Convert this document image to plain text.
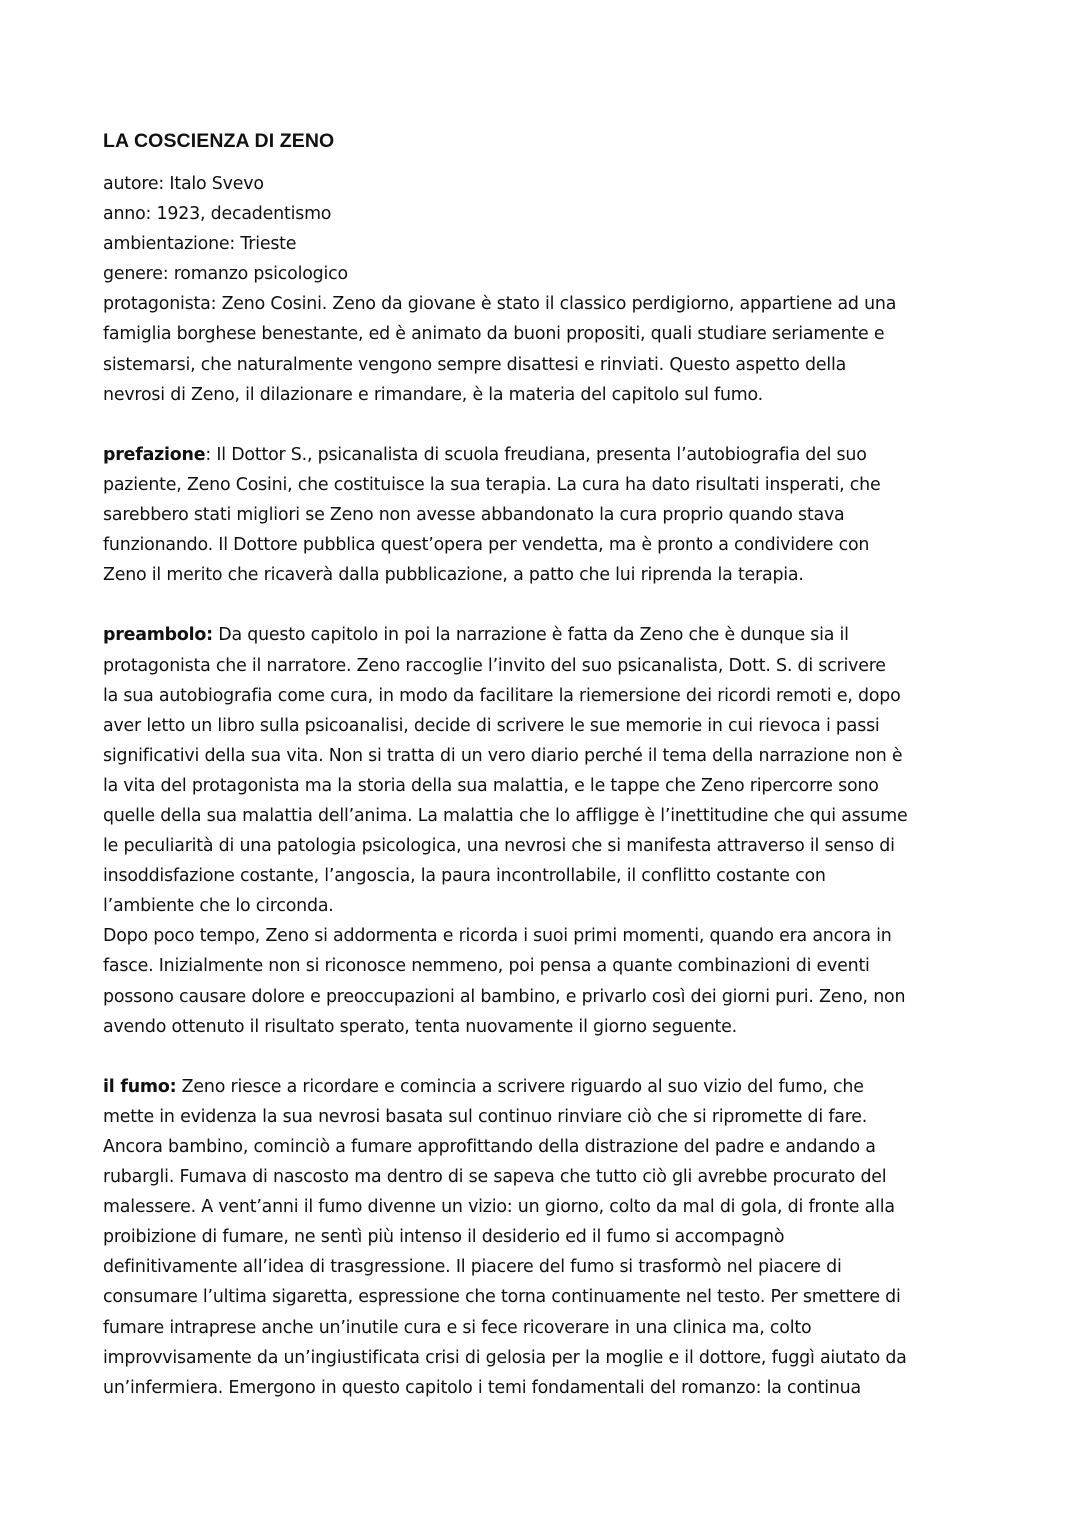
LA COSCIENZA DI ZENO
autore: Italo Svevo
anno: 1923, decadentismo
ambientazione: Trieste
genere: romanzo psicologico
protagonista: Zeno Cosini. Zeno da giovane è stato il classico perdigiorno, appartiene ad una
famiglia borghese benestante, ed è animato da buoni propositi, quali studiare seriamente e
sistemarsi, che naturalmente vengono sempre disattesi e rinviati. Questo aspetto della
nevrosi di Zeno, il dilazionare e rimandare, è la materia del capitolo sul fumo.
prefazione: Il Dottor S., psicanalista di scuola freudiana, presenta l’autobiografia del suo
paziente, Zeno Cosini, che costituisce la sua terapia. La cura ha dato risultati insperati, che
sarebbero stati migliori se Zeno non avesse abbandonato la cura proprio quando stava
funzionando. Il Dottore pubblica quest’opera per vendetta, ma è pronto a condividere con
Zeno il merito che ricaverà dalla pubblicazione, a patto che lui riprenda la terapia.
preambolo: Da questo capitolo in poi la narrazione è fatta da Zeno che è dunque sia il
protagonista che il narratore. Zeno raccoglie l’invito del suo psicanalista, Dott. S. di scrivere
la sua autobiografia come cura, in modo da facilitare la riemersione dei ricordi remoti e, dopo
aver letto un libro sulla psicoanalisi, decide di scrivere le sue memorie in cui rievoca i passi
significativi della sua vita. Non si tratta di un vero diario perché il tema della narrazione non è
la vita del protagonista ma la storia della sua malattia, e le tappe che Zeno ripercorre sono
quelle della sua malattia dell’anima. La malattia che lo affligge è l’inettitudine che qui assume
le peculiarità di una patologia psicologica, una nevrosi che si manifesta attraverso il senso di
insoddisfazione costante, l’angoscia, la paura incontrollabile, il conflitto costante con
l’ambiente che lo circonda.
Dopo poco tempo, Zeno si addormenta e ricorda i suoi primi momenti, quando era ancora in
fasce. Inizialmente non si riconosce nemmeno, poi pensa a quante combinazioni di eventi
possono causare dolore e preoccupazioni al bambino, e privarlo così dei giorni puri. Zeno, non
avendo ottenuto il risultato sperato, tenta nuovamente il giorno seguente.
il fumo: Zeno riesce a ricordare e comincia a scrivere riguardo al suo vizio del fumo, che
mette in evidenza la sua nevrosi basata sul continuo rinviare ciò che si ripromette di fare.
Ancora bambino, cominciò a fumare approfittando della distrazione del padre e andando a
rubargli. Fumava di nascosto ma dentro di se sapeva che tutto ciò gli avrebbe procurato del
malessere. A vent’anni il fumo divenne un vizio: un giorno, colto da mal di gola, di fronte alla
proibizione di fumare, ne sentì più intenso il desiderio ed il fumo si accompagnò
definitivamente all’idea di trasgressione. Il piacere del fumo si trasformò nel piacere di
consumare l’ultima sigaretta, espressione che torna continuamente nel testo. Per smettere di
fumare intraprese anche un’inutile cura e si fece ricoverare in una clinica ma, colto
improvvisamente da un’ingiustificata crisi di gelosia per la moglie e il dottore, fuggì aiutato da
un’infermiera. Emergono in questo capitolo i temi fondamentali del romanzo: la continua
